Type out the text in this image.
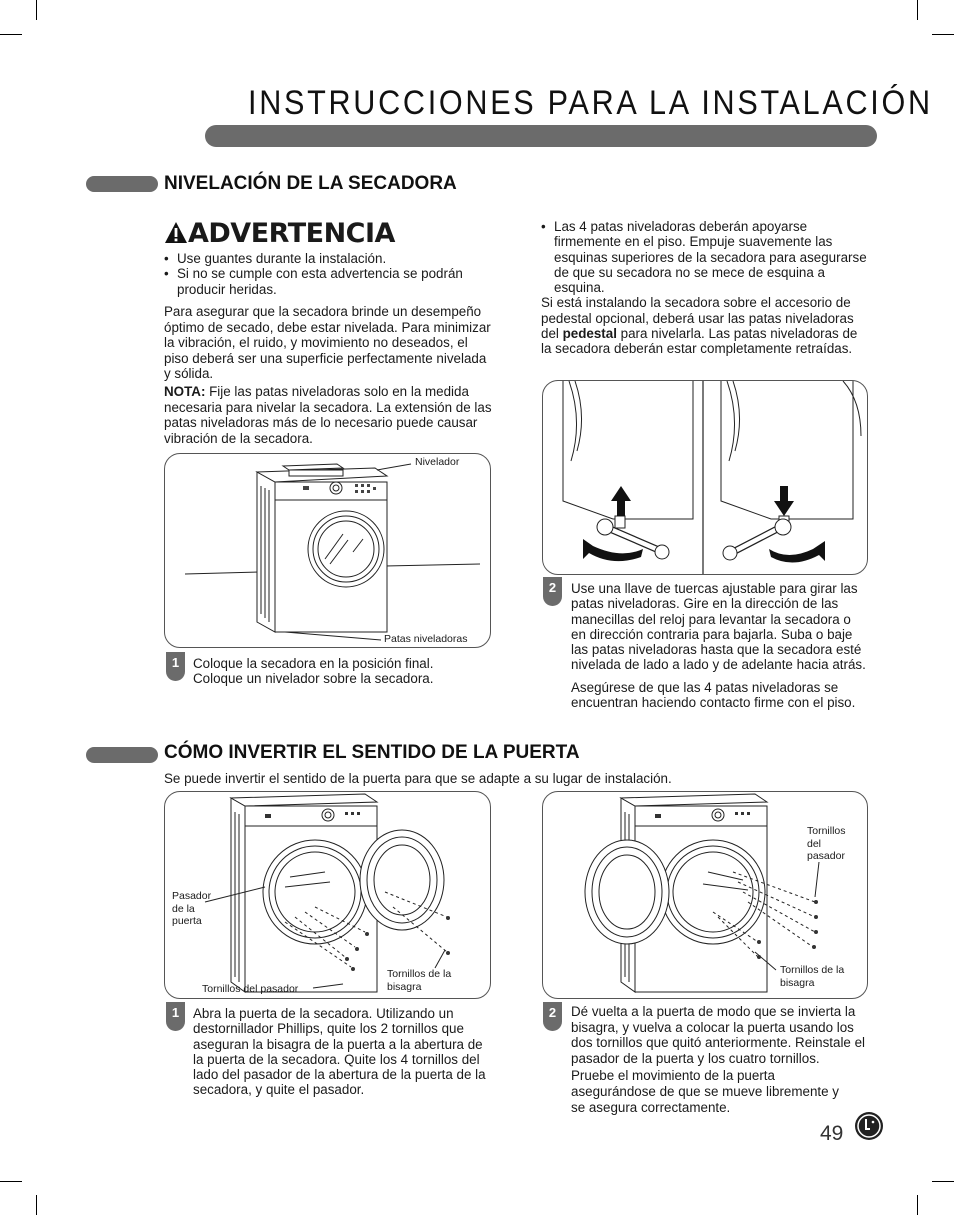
INSTRUCCIONES PARA LA INSTALACIÓN
NIVELACIÓN DE LA SECADORA
ADVERTENCIA
• Use guantes durante la instalación.
• Si no se cumple con esta advertencia se podrán producir heridas.

Para asegurar que la secadora brinde un desempeño óptimo de secado, debe estar nivelada. Para minimizar la vibración, el ruido, y movimiento no deseados, el piso deberá ser una superficie perfectamente nivelada y sólida.

NOTA: Fije las patas niveladoras solo en la medida necesaria para nivelar la secadora. La extensión de las patas niveladoras más de lo necesario puede causar vibración de la secadora.

• Las 4 patas niveladoras deberán apoyarse firmemente en el piso. Empuje suavemente las esquinas superiores de la secadora para asegurarse de que su secadora no se mece de esquina a esquina.

Si está instalando la secadora sobre el accesorio de pedestal opcional, deberá usar las patas niveladoras del pedestal para nivelarla. Las patas niveladoras de la secadora deberán estar completamente retraídas.

Nivelador
Patas niveladoras
1	Coloque la secadora en la posición final. Coloque un nivelador sobre la secadora.
2	Use una llave de tuercas ajustable para girar las patas niveladoras. Gire en la dirección de las manecillas del reloj para levantar la secadora o en dirección contraria para bajarla. Suba o baje las patas niveladoras hasta que la secadora esté nivelada de lado a lado y de adelante hacia atrás.

Asegúrese de que las 4 patas niveladoras se encuentran haciendo contacto firme con el piso.

CÓMO INVERTIR EL SENTIDO DE LA PUERTA
Se puede invertir el sentido de la puerta para que se adapte a su lugar de instalación.
Pasador de la puerta
Tornillos del pasador
Tornillos de la bisagra
1	Abra la puerta de la secadora. Utilizando un destornillador Phillips, quite los 2 tornillos que aseguran la bisagra de la puerta a la abertura de la puerta de la secadora. Quite los 4 tornillos del lado del pasador de la abertura de la puerta de la secadora, y quite el pasador.
Tornillos del pasador
Tornillos de la bisagra
2	Dé vuelta a la puerta de modo que se invierta la bisagra, y vuelva a colocar la puerta usando los dos tornillos que quitó anteriormente. Reinstale el pasador de la puerta y los cuatro tornillos.

Pruebe el movimiento de la puerta asegurándose de que se mueve libremente y se asegura correctamente.

49
